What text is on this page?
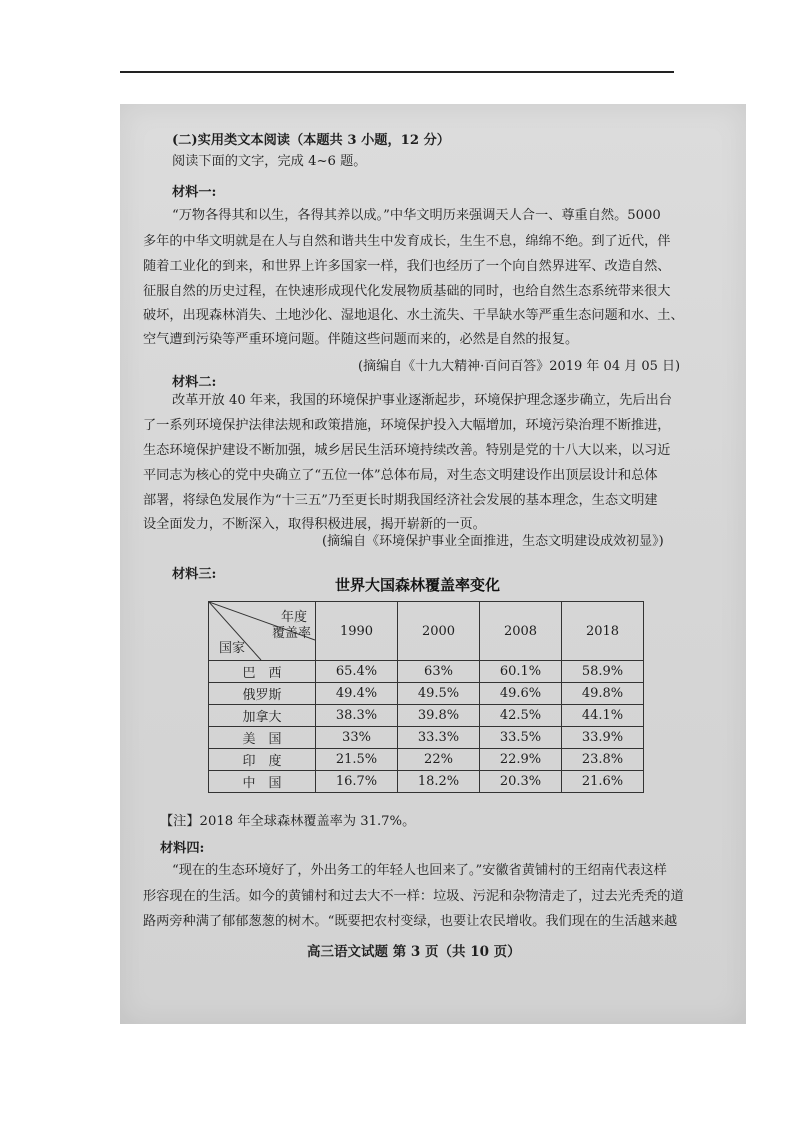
(二)实用类文本阅读（本题共 3 小题，12 分）
阅读下面的文字，完成 4~6 题。
材料一:
“万物各得其和以生，各得其养以成。”中华文明历来强调天人合一、尊重自然。5000
多年的中华文明就是在人与自然和谐共生中发育成长，生生不息，绵绵不绝。到了近代，伴
随着工业化的到来，和世界上许多国家一样，我们也经历了一个向自然界进军、改造自然、
征服自然的历史过程，在快速形成现代化发展物质基础的同时，也给自然生态系统带来很大
破坏，出现森林消失、土地沙化、湿地退化、水土流失、干旱缺水等严重生态问题和水、土、
空气遭到污染等严重环境问题。伴随这些问题而来的，必然是自然的报复。
(摘编自《十九大精神·百问百答》2019 年 04 月 05 日)
材料二:
改革开放 40 年来，我国的环境保护事业逐渐起步，环境保护理念逐步确立，先后出台
了一系列环境保护法律法规和政策措施，环境保护投入大幅增加，环境污染治理不断推进，
生态环境保护建设不断加强，城乡居民生活环境持续改善。特别是党的十八大以来，以习近
平同志为核心的党中央确立了“五位一体”总体布局，对生态文明建设作出顶层设计和总体
部署，将绿色发展作为“十三五”乃至更长时期我国经济社会发展的基本理念，生态文明建
设全面发力，不断深入，取得积极进展，揭开崭新的一页。
(摘编自《环境保护事业全面推进，生态文明建设成效初显》)
材料三:
世界大国森林覆盖率变化
年度
覆盖率
国家	1990	2000	2008	2018
巴　西	65.4%	63%	60.1%	58.9%
俄罗斯	49.4%	49.5%	49.6%	49.8%
加拿大	38.3%	39.8%	42.5%	44.1%
美　国	33%	33.3%	33.5%	33.9%
印　度	21.5%	22%	22.9%	23.8%
中　国	16.7%	18.2%	20.3%	21.6%
【注】2018 年全球森林覆盖率为 31.7%。
材料四:
“现在的生态环境好了，外出务工的年轻人也回来了。”安徽省黄铺村的王绍南代表这样
形容现在的生活。如今的黄铺村和过去大不一样：垃圾、污泥和杂物清走了，过去光秃秃的道
路两旁种满了郁郁葱葱的树木。“既要把农村变绿，也要让农民增收。我们现在的生活越来越
高三语文试题 第 3 页（共 10 页）
